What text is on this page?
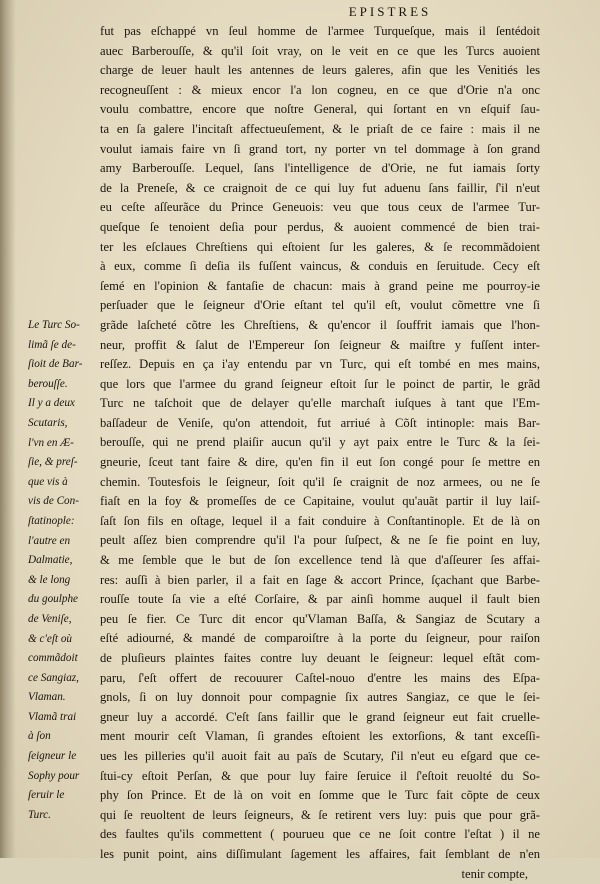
EPISTRES
fut pas eſchappé vn ſeul homme de l'armee Turqueſque, mais il ſentédoit
auec Barberouſſe, & qu'il ſoit vray, on le veit en ce que les Turcs auoient
charge de leuer hault les antennes de leurs galeres, afin que les Venitiés les
recogneuſſent : & mieux encor l'a lon cogneu, en ce que d'Orie n'a onc
voulu combattre, encore que noſtre General, qui ſortant en vn eſquif ſau-
ta en ſa galere l'incitaſt affectueuſement, & le priaſt de ce faire : mais il ne
voulut iamais faire vn ſi grand tort, ny porter vn tel dommage à ſon grand
amy Barberouſſe. Lequel, ſans l'intelligence de d'Orie, ne fut iamais ſorty
de la Preneſe, & ce craignoit de ce qui luy fut aduenu ſans faillir, ſ'il n'eut
eu ceſte aſſeurãce du Prince Geneuois: veu que tous ceux de l'armee Tur-
queſque ſe tenoient deſia pour perdus, & auoient commencé de bien trai-
ter les eſclaues Chreſtiens qui eſtoient ſur les galeres, & ſe recommãdoient
à eux, comme ſi deſia ils fuſſent vaincus, & conduis en ſeruitude. Cecy eſt
ſemé en l'opinion & fantaſie de chacun: mais à grand peine me pourroy-ie
perſuader que le ſeigneur d'Orie eſtant tel qu'il eſt, voulut cõmettre vne ſi
grãde laſcheté cõtre les Chreſtiens, & qu'encor il ſouffrit iamais que l'hon-
neur, proffit & ſalut de l'Empereur ſon ſeigneur & maiſtre y fuſſent inter-
reſſez. Depuis en ça i'ay entendu par vn Turc, qui eſt tombé en mes mains,
que lors que l'armee du grand ſeigneur eſtoit ſur le poinct de partir, le grãd
Turc ne taſchoit que de delayer qu'elle marchaſt iuſques à tant que l'Em-
baſſadeur de Veniſe, qu'on attendoit, fut arriué à Cõſt intinople: mais Bar-
berouſſe, qui ne prend plaiſir aucun qu'il y ayt paix entre le Turc & la ſei-
gneurie, ſceut tant faire & dire, qu'en fin il eut ſon congé pour ſe mettre en
chemin. Toutesfois le ſeigneur, ſoit qu'il ſe craignit de noz armees, ou ne ſe
fiaſt en la foy & promeſſes de ce Capitaine, voulut qu'auãt partir il luy laiſ-
ſaſt ſon fils en oſtage, lequel il a fait conduire à Conſtantinople. Et de là on
peult aſſez bien comprendre qu'il l'a pour ſuſpect, & ne ſe fie point en luy,
& me ſemble que le but de ſon excellence tend là que d'aſſeurer ſes affai-
res: auſſi à bien parler, il a fait en ſage & accort Prince, ſçachant que Barbe-
rouſſe toute ſa vie a eſté Corſaire, & par ainſi homme auquel il fault bien
peu ſe fier. Ce Turc dit encor qu'Vlaman Baſſa, & Sangiaz de Scutary a
eſté adiourné, & mandé de comparoiſtre à la porte du ſeigneur, pour raiſon
de pluſieurs plaintes faites contre luy deuant le ſeigneur: lequel eſtãt com-
paru, ſ'eſt offert de recouurer Caſtel-nouo d'entre les mains des Eſpa-
gnols, ſi on luy donnoit pour compagnie ſix autres Sangiaz, ce que le ſei-
gneur luy a accordé. C'eſt ſans faillir que le grand ſeigneur eut fait cruelle-
ment mourir ceſt Vlaman, ſi grandes eſtoient les extorſions, & tant exceſſi-
ues les pilleries qu'il auoit fait au païs de Scutary, ſ'il n'eut eu eſgard que ce-
ſtui-cy eſtoit Perſan, & que pour luy faire ſeruice il ſ'eſtoit reuolté du So-
phy ſon Prince. Et de là on voit en ſomme que le Turc fait cõpte de ceux
qui ſe reuoltent de leurs ſeigneurs, & ſe retirent vers luy: puis que pour grã-
des faultes qu'ils commettent ( pourueu que ce ne ſoit contre l'eſtat ) il ne
les punit point, ains diſſimulant ſagement les affaires, fait ſemblant de n'en
tenir compte,
Le Turc So-
limã ſe de-
ſioit de Bar-
berouſſe.
Il y a deux
Scutaris,
l'vn en Æ-
ſie, & preſ-
que vis à
vis de Con-
ſtatinople:
l'autre en
Dalmatie,
& le long
du goulphe
de Veniſe,
& c'eſt où
commãdoit
ce Sangiaz,
Vlaman.
Vlamã trai
à ſon
ſeigneur le
Sophy pour
ſeruir le
Turc.
